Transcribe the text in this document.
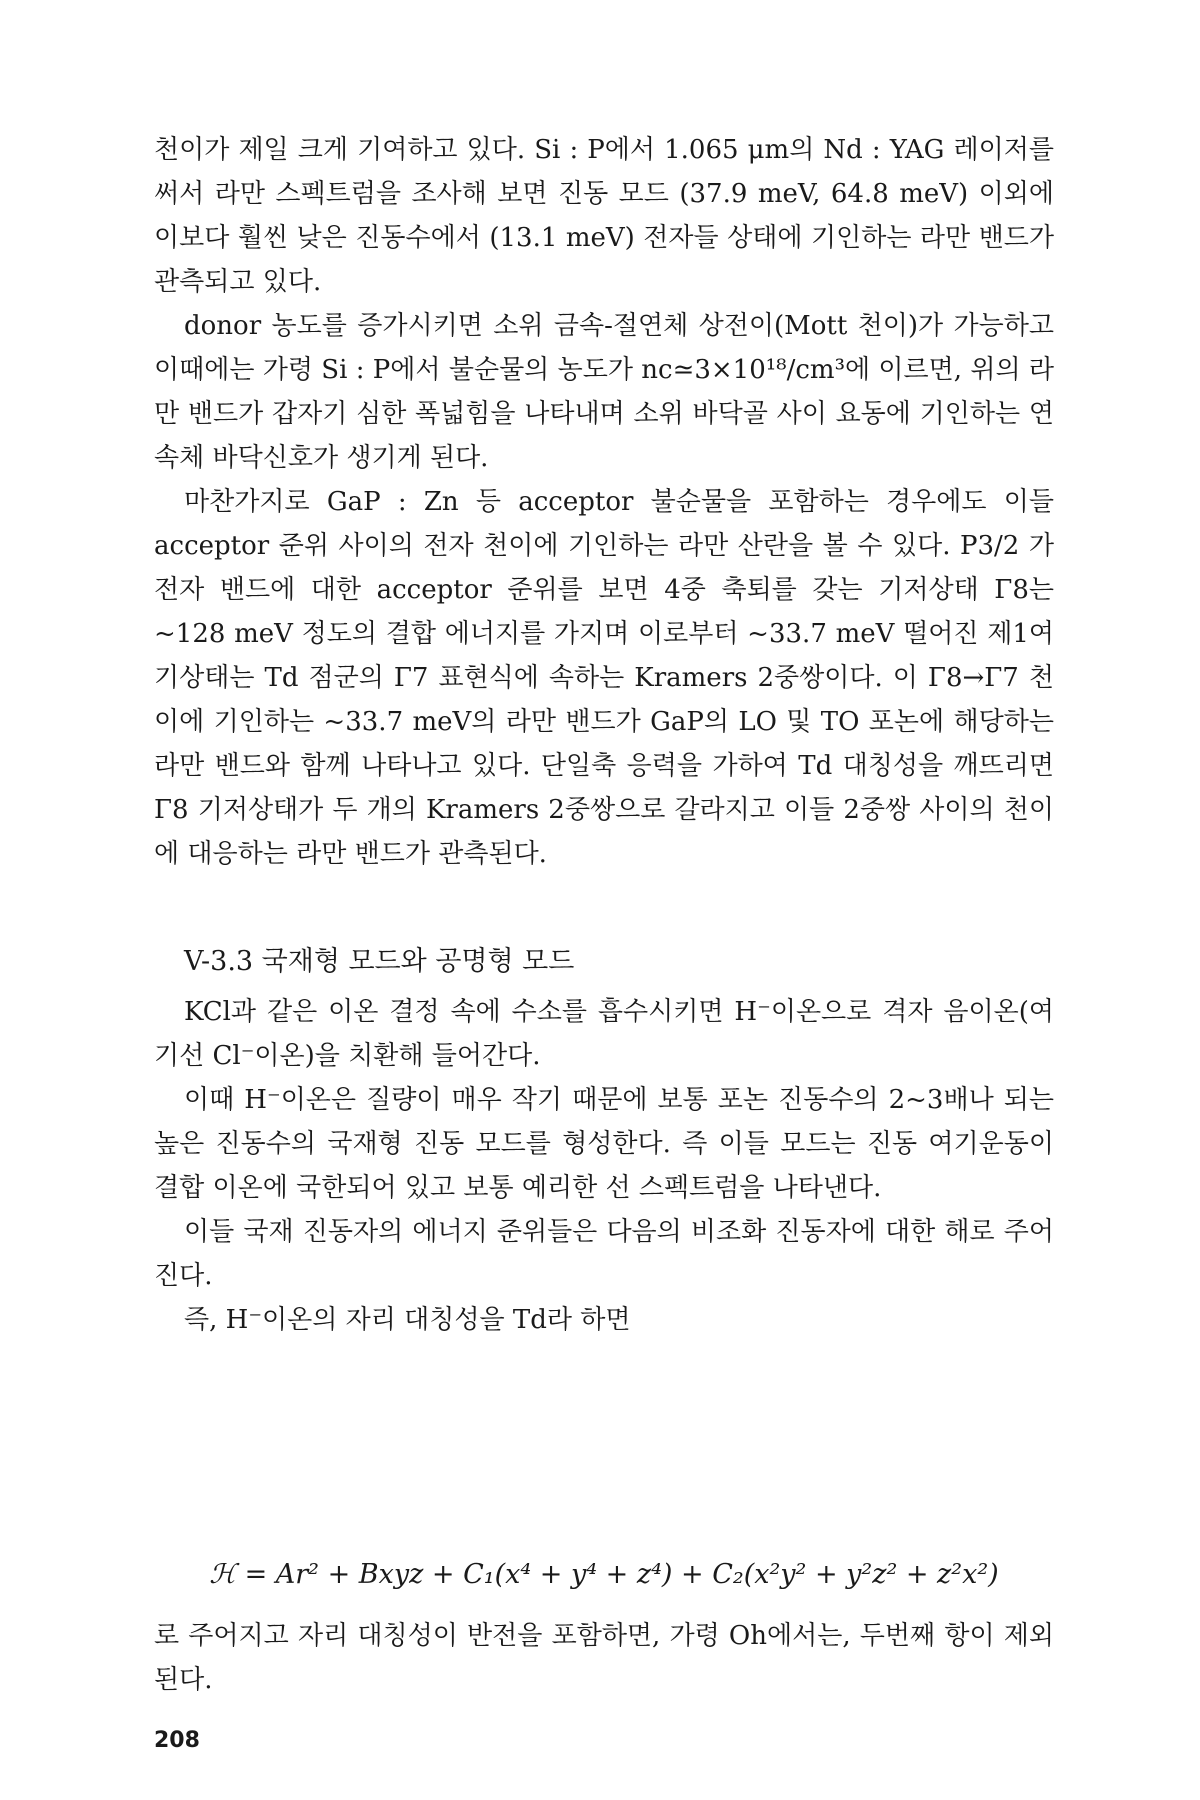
천이가 제일 크게 기여하고 있다. Si : P에서 1.065 μm의 Nd : YAG 레이저를 써서 라만 스펙트럼을 조사해 보면 진동 모드 (37.9 meV, 64.8 meV) 이외에 이보다 훨씬 낮은 진동수에서 (13.1 meV) 전자들 상태에 기인하는 라만 밴드가 관측되고 있다.

donor 농도를 증가시키면 소위 금속-절연체 상전이(Mott 천이)가 가능하고 이때에는 가령 Si : P에서 불순물의 농도가 nc≃3×10¹⁸/cm³에 이르면, 위의 라만 밴드가 갑자기 심한 폭넓힘을 나타내며 소위 바닥골 사이 요동에 기인하는 연속체 바닥신호가 생기게 된다.

마찬가지로 GaP : Zn 등 acceptor 불순물을 포함하는 경우에도 이들 acceptor 준위 사이의 전자 천이에 기인하는 라만 산란을 볼 수 있다. P3/2 가전자 밴드에 대한 acceptor 준위를 보면 4중 축퇴를 갖는 기저상태 Γ8는 ~128 meV 정도의 결합 에너지를 가지며 이로부터 ~33.7 meV 떨어진 제1여기상태는 Td 점군의 Γ7 표현식에 속하는 Kramers 2중쌍이다. 이 Γ8→Γ7 천이에 기인하는 ~33.7 meV의 라만 밴드가 GaP의 LO 및 TO 포논에 해당하는 라만 밴드와 함께 나타나고 있다. 단일축 응력을 가하여 Td 대칭성을 깨뜨리면 Γ8 기저상태가 두 개의 Kramers 2중쌍으로 갈라지고 이들 2중쌍 사이의 천이에 대응하는 라만 밴드가 관측된다.

V-3.3 국재형 모드와 공명형 모드

KCl과 같은 이온 결정 속에 수소를 흡수시키면 H⁻이온으로 격자 음이온(여기선 Cl⁻이온)을 치환해 들어간다.

이때 H⁻이온은 질량이 매우 작기 때문에 보통 포논 진동수의 2~3배나 되는 높은 진동수의 국재형 진동 모드를 형성한다. 즉 이들 모드는 진동 여기운동이 결합 이온에 국한되어 있고 보통 예리한 선 스펙트럼을 나타낸다.

이들 국재 진동자의 에너지 준위들은 다음의 비조화 진동자에 대한 해로 주어진다.

즉, H⁻이온의 자리 대칭성을 Td라 하면

ℋ = Ar² + Bxyz + C₁(x⁴ + y⁴ + z⁴) + C₂(x²y² + y²z² + z²x²)

로 주어지고 자리 대칭성이 반전을 포함하면, 가령 Oh에서는, 두번째 항이 제외된다.

208
